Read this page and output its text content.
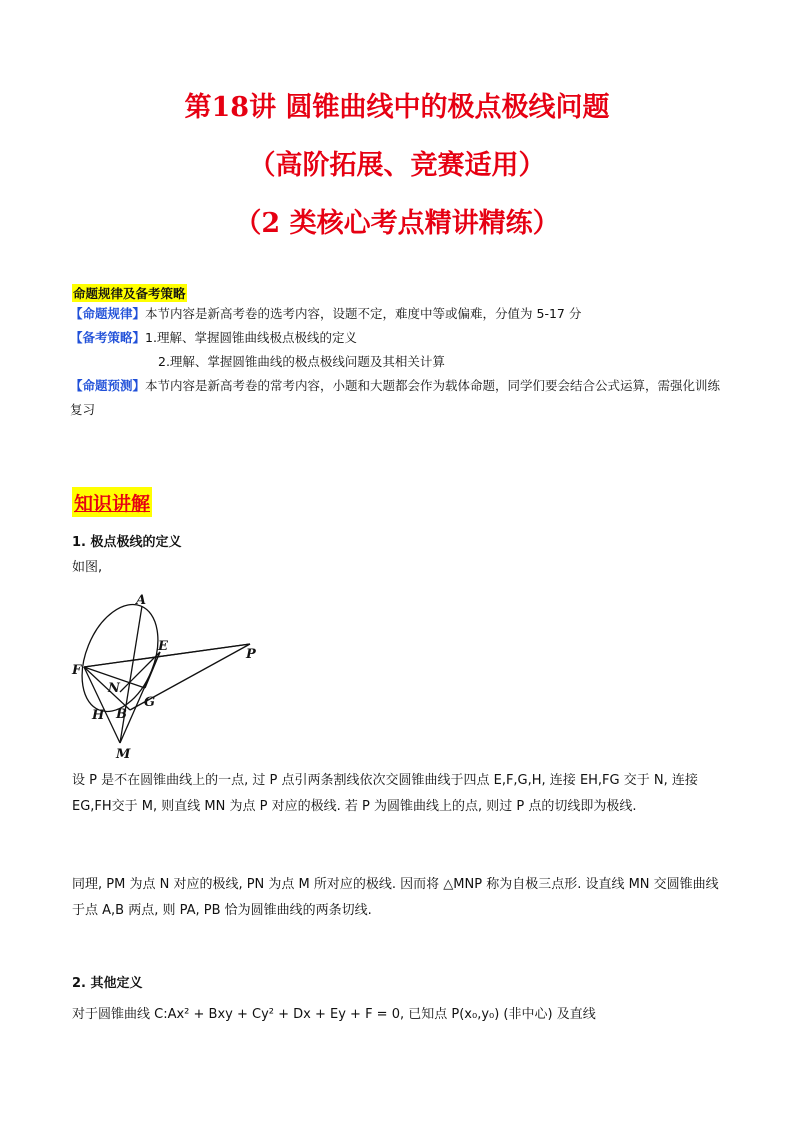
第18讲 圆锥曲线中的极点极线问题
（高阶拓展、竞赛适用）
（2 类核心考点精讲精练）
命题规律及备考策略
【命题规律】本节内容是新高考卷的选考内容，设题不定，难度中等或偏难，分值为 5-17 分
【备考策略】1.理解、掌握圆锥曲线极点极线的定义
2.理解、掌握圆锥曲线的极点极线问题及其相关计算
【命题预测】本节内容是新高考卷的常考内容，小题和大题都会作为载体命题，同学们要会结合公式运算，需强化训练复习
知识讲解
1. 极点极线的定义
如图,
A
E
P
F
N
G
H B
M
设 P 是不在圆锥曲线上的一点, 过 P 点引两条割线依次交圆锥曲线于四点 E,F,G,H, 连接 EH,FG 交于 N, 连接 EG,FH交于 M, 则直线 MN 为点 P 对应的极线. 若 P 为圆锥曲线上的点, 则过 P 点的切线即为极线.
同理, PM 为点 N 对应的极线, PN 为点 M 所对应的极线. 因而将 △MNP 称为自极三点形. 设直线 MN 交圆锥曲线于点 A,B 两点, 则 PA, PB 恰为圆锥曲线的两条切线.
2. 其他定义
对于圆锥曲线 C:Ax² + Bxy + Cy² + Dx + Ey + F = 0, 已知点 P(x₀,y₀) (非中心) 及直线
